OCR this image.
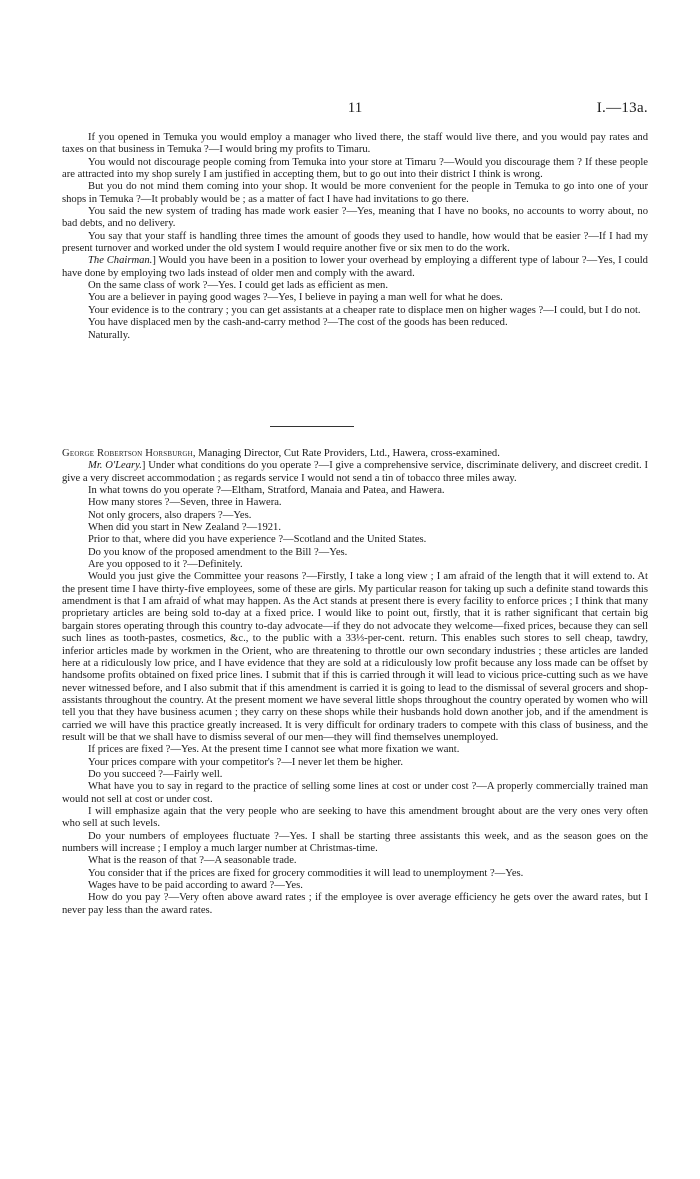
11	I.—13a.

If you opened in Temuka you would employ a manager who lived there, the staff would live there, and you would pay rates and taxes on that business in Temuka ?—I would bring my profits to Timaru.

You would not discourage people coming from Temuka into your store at Timaru ?—Would you discourage them ? If these people are attracted into my shop surely I am justified in accepting them, but to go out into their district I think is wrong.

But you do not mind them coming into your shop. It would be more convenient for the people in Temuka to go into one of your shops in Temuka ?—It probably would be ; as a matter of fact I have had invitations to go there.

You said the new system of trading has made work easier ?—Yes, meaning that I have no books, no accounts to worry about, no bad debts, and no delivery.

You say that your staff is handling three times the amount of goods they used to handle, how would that be easier ?—If I had my present turnover and worked under the old system I would require another five or six men to do the work.

The Chairman.] Would you have been in a position to lower your overhead by employing a different type of labour ?—Yes, I could have done by employing two lads instead of older men and comply with the award.

On the same class of work ?—Yes. I could get lads as efficient as men.

You are a believer in paying good wages ?—Yes, I believe in paying a man well for what he does.

Your evidence is to the contrary ; you can get assistants at a cheaper rate to displace men on higher wages ?—I could, but I do not.

You have displaced men by the cash-and-carry method ?—The cost of the goods has been reduced.

Naturally.

George Robertson Horsburgh, Managing Director, Cut Rate Providers, Ltd., Hawera, cross-examined.

Mr. O'Leary.] Under what conditions do you operate ?—I give a comprehensive service, discriminate delivery, and discreet credit. I give a very discreet accommodation ; as regards service I would not send a tin of tobacco three miles away.

In what towns do you operate ?—Eltham, Stratford, Manaia and Patea, and Hawera.

How many stores ?—Seven, three in Hawera.

Not only grocers, also drapers ?—Yes.

When did you start in New Zealand ?—1921.

Prior to that, where did you have experience ?—Scotland and the United States.

Do you know of the proposed amendment to the Bill ?—Yes.

Are you opposed to it ?—Definitely.

Would you just give the Committee your reasons ?—Firstly, I take a long view ; I am afraid of the length that it will extend to. At the present time I have thirty-five employees, some of these are girls. My particular reason for taking up such a definite stand towards this amendment is that I am afraid of what may happen. As the Act stands at present there is every facility to enforce prices ; I think that many proprietary articles are being sold to-day at a fixed price. I would like to point out, firstly, that it is rather significant that certain big bargain stores operating through this country to-day advocate—if they do not advocate they welcome—fixed prices, because they can sell such lines as tooth-pastes, cosmetics, &c., to the public with a 33⅓-per-cent. return. This enables such stores to sell cheap, tawdry, inferior articles made by workmen in the Orient, who are threatening to throttle our own secondary industries ; these articles are landed here at a ridiculously low price, and I have evidence that they are sold at a ridiculously low profit because any loss made can be offset by handsome profits obtained on fixed price lines. I submit that if this is carried through it will lead to vicious price-cutting such as we have never witnessed before, and I also submit that if this amendment is carried it is going to lead to the dismissal of several grocers and shop-assistants throughout the country. At the present moment we have several little shops throughout the country operated by women who will tell you that they have business acumen ; they carry on these shops while their husbands hold down another job, and if the amendment is carried we will have this practice greatly increased. It is very difficult for ordinary traders to compete with this class of business, and the result will be that we shall have to dismiss several of our men—they will find themselves unemployed.

If prices are fixed ?—Yes. At the present time I cannot see what more fixation we want.

Your prices compare with your competitor's ?—I never let them be higher.

Do you succeed ?—Fairly well.

What have you to say in regard to the practice of selling some lines at cost or under cost ?—A properly commercially trained man would not sell at cost or under cost.

I will emphasize again that the very people who are seeking to have this amendment brought about are the very ones very often who sell at such levels.

Do your numbers of employees fluctuate ?—Yes. I shall be starting three assistants this week, and as the season goes on the numbers will increase ; I employ a much larger number at Christmas-time.

What is the reason of that ?—A seasonable trade.

You consider that if the prices are fixed for grocery commodities it will lead to unemployment ?—Yes.

Wages have to be paid according to award ?—Yes.

How do you pay ?—Very often above award rates ; if the employee is over average efficiency he gets over the award rates, but I never pay less than the award rates.
